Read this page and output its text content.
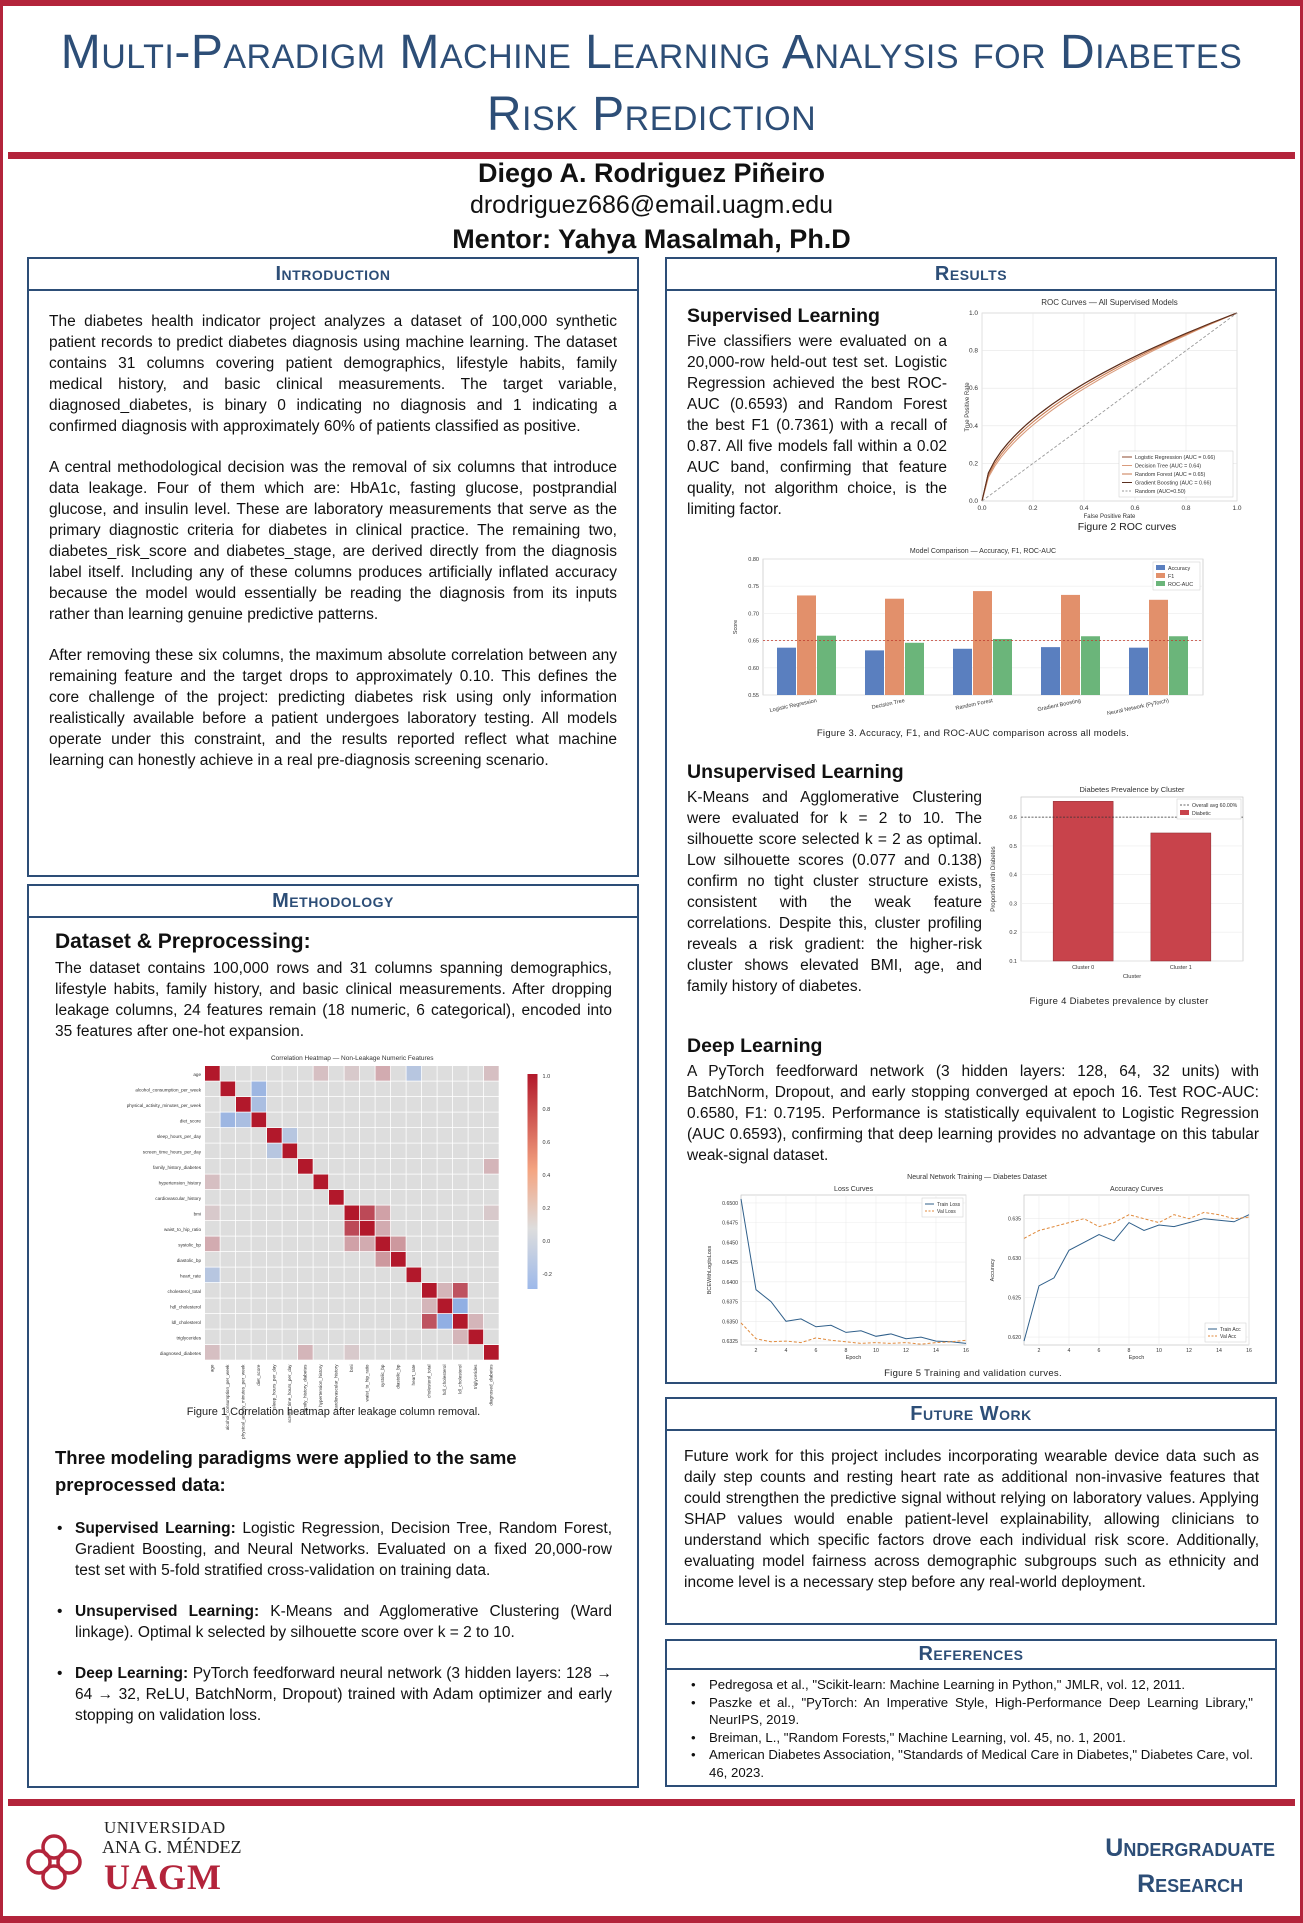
Multi-Paradigm Machine Learning Analysis for Diabetes Risk Prediction
Diego A. Rodriguez Piñeiro
drodriguez686@email.uagm.edu
Mentor: Yahya Masalmah, Ph.D
Introduction

The diabetes health indicator project analyzes a dataset of 100,000 synthetic patient records to predict diabetes diagnosis using machine learning. The dataset contains 31 columns covering patient demographics, lifestyle habits, family medical history, and basic clinical measurements. The target variable, diagnosed_diabetes, is binary 0 indicating no diagnosis and 1 indicating a confirmed diagnosis with approximately 60% of patients classified as positive.

A central methodological decision was the removal of six columns that introduce data leakage. Four of them which are: HbA1c, fasting glucose, postprandial glucose, and insulin level. These are laboratory measurements that serve as the primary diagnostic criteria for diabetes in clinical practice. The remaining two, diabetes_risk_score and diabetes_stage, are derived directly from the diagnosis label itself. Including any of these columns produces artificially inflated accuracy because the model would essentially be reading the diagnosis from its inputs rather than learning genuine predictive patterns.

After removing these six columns, the maximum absolute correlation between any remaining feature and the target drops to approximately 0.10. This defines the core challenge of the project: predicting diabetes risk using only information realistically available before a patient undergoes laboratory testing. All models operate under this constraint, and the results reported reflect what machine learning can honestly achieve in a real pre-diagnosis screening scenario.

Methodology
Dataset & Preprocessing:

The dataset contains 100,000 rows and 31 columns spanning demographics, lifestyle habits, family history, and basic clinical measurements. After dropping leakage columns, 24 features remain (18 numeric, 6 categorical), encoded into 35 features after one-hot expansion.

Correlation Heatmap — Non-Leakage Numeric Features
age
age
alcohol_consumption_per_week
alcohol_consumption_per_week
physical_activity_minutes_per_week
physical_activity_minutes_per_week
diet_score
diet_score
sleep_hours_per_day
sleep_hours_per_day
screen_time_hours_per_day
screen_time_hours_per_day
family_history_diabetes
family_history_diabetes
hypertension_history
hypertension_history
cardiovascular_history
cardiovascular_history
bmi
bmi
waist_to_hip_ratio
waist_to_hip_ratio
systolic_bp
systolic_bp
diastolic_bp
diastolic_bp
heart_rate
heart_rate
cholesterol_total
cholesterol_total
hdl_cholesterol
hdl_cholesterol
ldl_cholesterol
ldl_cholesterol
triglycerides
triglycerides
diagnosed_diabetes
diagnosed_diabetes
1.0
0.8
0.6
0.4
0.2
0.0
-0.2
Figure 1 Correlation heatmap after leakage column removal.
Three modeling paradigms were applied to the same preprocessed data:
• Supervised Learning: Logistic Regression, Decision Tree, Random Forest, Gradient Boosting, and Neural Networks. Evaluated on a fixed 20,000-row test set with 5-fold stratified cross-validation on training data.
• Unsupervised Learning: K-Means and Agglomerative Clustering (Ward linkage). Optimal k selected by silhouette score over k = 2 to 10.
• Deep Learning: PyTorch feedforward neural network (3 hidden layers: 128 → 64 → 32, ReLU, BatchNorm, Dropout) trained with Adam optimizer and early stopping on validation loss.
Results
Supervised Learning

Five classifiers were evaluated on a 20,000-row held-out test set. Logistic Regression achieved the best ROC-AUC (0.6593) and Random Forest the best F1 (0.7361) with a recall of 0.87. All five models fall within a 0.02 AUC band, confirming that feature quality, not algorithm choice, is the limiting factor.

ROC Curves — All Supervised Models
0.0
0.0
0.2
0.2
0.4
0.4
0.6
0.6
0.8
0.8
1.0
1.0
False Positive Rate
True Positive Rate
Logistic Regression (AUC = 0.66)
Decision Tree (AUC = 0.64)
Random Forest (AUC = 0.65)
Gradient Boosting (AUC = 0.66)
Random (AUC=0.50)
Figure 2 ROC curves
Model Comparison — Accuracy, F1, ROC-AUC
0.55
0.60
0.65
0.70
0.75
0.80
Score
Logistic Regression	Decision Tree	Random Forest	Gradient Boosting	Neural Network (PyTorch)
Accuracy
F1
ROC-AUC
Figure 3. Accuracy, F1, and ROC-AUC comparison across all models.
Unsupervised Learning

K-Means and Agglomerative Clustering were evaluated for k = 2 to 10. The silhouette score selected k = 2 as optimal. Low silhouette scores (0.077 and 0.138) confirm no tight cluster structure exists, consistent with the weak feature correlations. Despite this, cluster profiling reveals a risk gradient: the higher-risk cluster shows elevated BMI, age, and family history of diabetes.

Diabetes Prevalence by Cluster
0.1
0.2
0.3
0.4
0.5
0.6
Proportion with Diabetes
Cluster 0	Cluster 1
Cluster
Overall avg 60.00%
Diabetic
Figure 4 Diabetes prevalence by cluster
Deep Learning

A PyTorch feedforward network (3 hidden layers: 128, 64, 32 units) with BatchNorm, Dropout, and early stopping converged at epoch 16. Test ROC-AUC: 0.6580, F1: 0.7195. Performance is statistically equivalent to Logistic Regression (AUC 0.6593), confirming that deep learning provides no advantage on this tabular weak-signal dataset.

Neural Network Training — Diabetes Dataset
Loss Curves
0.6325
0.6350
0.6375
0.6400
0.6425
0.6450
0.6475
0.6500
2	4	6	8	10	12	14	16
Epoch
BCEWithLogitsLoss
Train Loss
Val Loss
Accuracy Curves
0.620
0.625
0.630
0.635
2	4	6	8	10	12	14	16
Epoch
Accuracy
Train Acc
Val Acc
Figure 5 Training and validation curves.
Future Work

Future work for this project includes incorporating wearable device data such as daily step counts and resting heart rate as additional non-invasive features that could strengthen the predictive signal without relying on laboratory values. Applying SHAP values would enable patient-level explainability, allowing clinicians to understand which specific factors drove each individual risk score. Additionally, evaluating model fairness across demographic subgroups such as ethnicity and income level is a necessary step before any real-world deployment.

References
• Pedregosa et al., "Scikit-learn: Machine Learning in Python," JMLR, vol. 12, 2011.
• Paszke et al., "PyTorch: An Imperative Style, High-Performance Deep Learning Library," NeurIPS, 2019.
• Breiman, L., "Random Forests," Machine Learning, vol. 45, no. 1, 2001.
• American Diabetes Association, "Standards of Medical Care in Diabetes," Diabetes Care, vol. 46, 2023.
UNIVERSIDAD
ANA G. MÉNDEZ
UAGM
Undergraduate
Research
